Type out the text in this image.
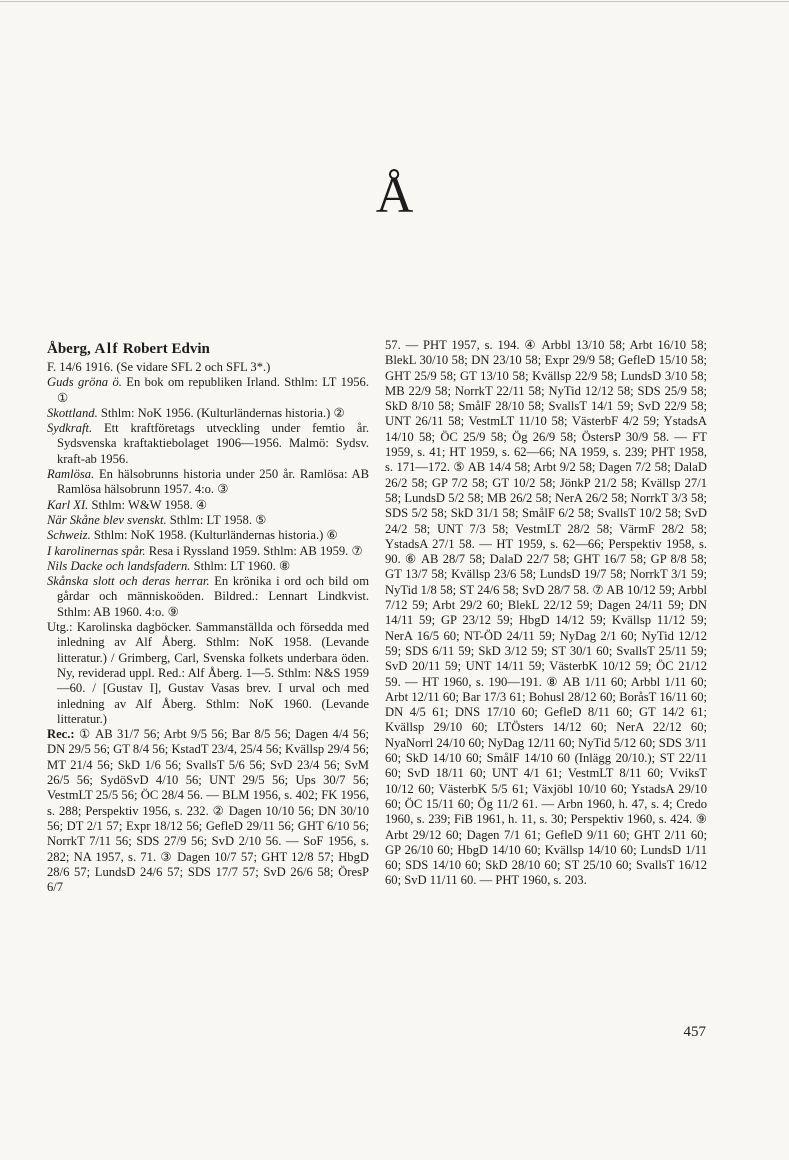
Å

Åberg, Alf Robert Edvin

F. 14/6 1916. (Se vidare SFL 2 och SFL 3*.)

Guds gröna ö. En bok om republiken Irland. Sthlm: LT 1956. ①

Skottland. Sthlm: NoK 1956. (Kulturländernas historia.) ②

Sydkraft. Ett kraftföretags utveckling under femtio år. Sydsvenska kraftaktiebolaget 1906—1956. Malmö: Sydsv. kraft-ab 1956.

Ramlösa. En hälsobrunns historia under 250 år. Ramlösa: AB Ramlösa hälsobrunn 1957. 4:o. ③

Karl XI. Sthlm: W&W 1958. ④

När Skåne blev svenskt. Sthlm: LT 1958. ⑤

Schweiz. Sthlm: NoK 1958. (Kulturländernas historia.) ⑥

I karolinernas spår. Resa i Ryssland 1959. Sthlm: AB 1959. ⑦

Nils Dacke och landsfadern. Sthlm: LT 1960. ⑧

Skånska slott och deras herrar. En krönika i ord och bild om gårdar och människoöden. Bildred.: Lennart Lindkvist. Sthlm: AB 1960. 4:o. ⑨

Utg.: Karolinska dagböcker. Sammanställda och försedda med inledning av Alf Åberg. Sthlm: NoK 1958. (Levande litteratur.) / Grimberg, Carl, Svenska folkets underbara öden. Ny, reviderad uppl. Red.: Alf Åberg. 1—5. Sthlm: N&S 1959—60. / [Gustav I], Gustav Vasas brev. I urval och med inledning av Alf Åberg. Sthlm: NoK 1960. (Levande litteratur.)

Rec.: ① AB 31/7 56; Arbt 9/5 56; Bar 8/5 56; Dagen 4/4 56; DN 29/5 56; GT 8/4 56; KstadT 23/4, 25/4 56; Kvällsp 29/4 56; MT 21/4 56; SkD 1/6 56; SvallsT 5/6 56; SvD 23/4 56; SvM 26/5 56; SydöSvD 4/10 56; UNT 29/5 56; Ups 30/7 56; VestmLT 25/5 56; ÖC 28/4 56. — BLM 1956, s. 402; FK 1956, s. 288; Perspektiv 1956, s. 232. ② Dagen 10/10 56; DN 30/10 56; DT 2/1 57; Expr 18/12 56; GefleD 29/11 56; GHT 6/10 56; NorrkT 7/11 56; SDS 27/9 56; SvD 2/10 56. — SoF 1956, s. 282; NA 1957, s. 71. ③ Dagen 10/7 57; GHT 12/8 57; HbgD 28/6 57; LundsD 24/6 57; SDS 17/7 57; SvD 26/6 58; ÖresP 6/7

57. — PHT 1957, s. 194. ④ Arbbl 13/10 58; Arbt 16/10 58; BlekL 30/10 58; DN 23/10 58; Expr 29/9 58; GefleD 15/10 58; GHT 25/9 58; GT 13/10 58; Kvällsp 22/9 58; LundsD 3/10 58; MB 22/9 58; NorrkT 22/11 58; NyTid 12/12 58; SDS 25/9 58; SkD 8/10 58; SmålF 28/10 58; SvallsT 14/1 59; SvD 22/9 58; UNT 26/11 58; VestmLT 11/10 58; VästerbF 4/2 59; YstadsA 14/10 58; ÖC 25/9 58; Ög 26/9 58; ÖstersP 30/9 58. — FT 1959, s. 41; HT 1959, s. 62—66; NA 1959, s. 239; PHT 1958, s. 171—172. ⑤ AB 14/4 58; Arbt 9/2 58; Dagen 7/2 58; DalaD 26/2 58; GP 7/2 58; GT 10/2 58; JönkP 21/2 58; Kvällsp 27/1 58; LundsD 5/2 58; MB 26/2 58; NerA 26/2 58; NorrkT 3/3 58; SDS 5/2 58; SkD 31/1 58; SmålF 6/2 58; SvallsT 10/2 58; SvD 24/2 58; UNT 7/3 58; VestmLT 28/2 58; VärmF 28/2 58; YstadsA 27/1 58. — HT 1959, s. 62—66; Perspektiv 1958, s. 90. ⑥ AB 28/7 58; DalaD 22/7 58; GHT 16/7 58; GP 8/8 58; GT 13/7 58; Kvällsp 23/6 58; LundsD 19/7 58; NorrkT 3/1 59; NyTid 1/8 58; ST 24/6 58; SvD 28/7 58. ⑦ AB 10/12 59; Arbbl 7/12 59; Arbt 29/2 60; BlekL 22/12 59; Dagen 24/11 59; DN 14/11 59; GP 23/12 59; HbgD 14/12 59; Kvällsp 11/12 59; NerA 16/5 60; NT-ÖD 24/11 59; NyDag 2/1 60; NyTid 12/12 59; SDS 6/11 59; SkD 3/12 59; ST 30/1 60; SvallsT 25/11 59; SvD 20/11 59; UNT 14/11 59; VästerbK 10/12 59; ÖC 21/12 59. — HT 1960, s. 190—191. ⑧ AB 1/11 60; Arbbl 1/11 60; Arbt 12/11 60; Bar 17/3 61; Bohusl 28/12 60; BoråsT 16/11 60; DN 4/5 61; DNS 17/10 60; GefleD 8/11 60; GT 14/2 61; Kvällsp 29/10 60; LTÖsters 14/12 60; NerA 22/12 60; NyaNorrl 24/10 60; NyDag 12/11 60; NyTid 5/12 60; SDS 3/11 60; SkD 14/10 60; SmålF 14/10 60 (Inlägg 20/10.); ST 22/11 60; SvD 18/11 60; UNT 4/1 61; VestmLT 8/11 60; VviksT 10/12 60; VästerbK 5/5 61; Växjöbl 10/10 60; YstadsA 29/10 60; ÖC 15/11 60; Ög 11/2 61. — Arbn 1960, h. 47, s. 4; Credo 1960, s. 239; FiB 1961, h. 11, s. 30; Perspektiv 1960, s. 424. ⑨ Arbt 29/12 60; Dagen 7/1 61; GefleD 9/11 60; GHT 2/11 60; GP 26/10 60; HbgD 14/10 60; Kvällsp 14/10 60; LundsD 1/11 60; SDS 14/10 60; SkD 28/10 60; ST 25/10 60; SvallsT 16/12 60; SvD 11/11 60. — PHT 1960, s. 203.

457
